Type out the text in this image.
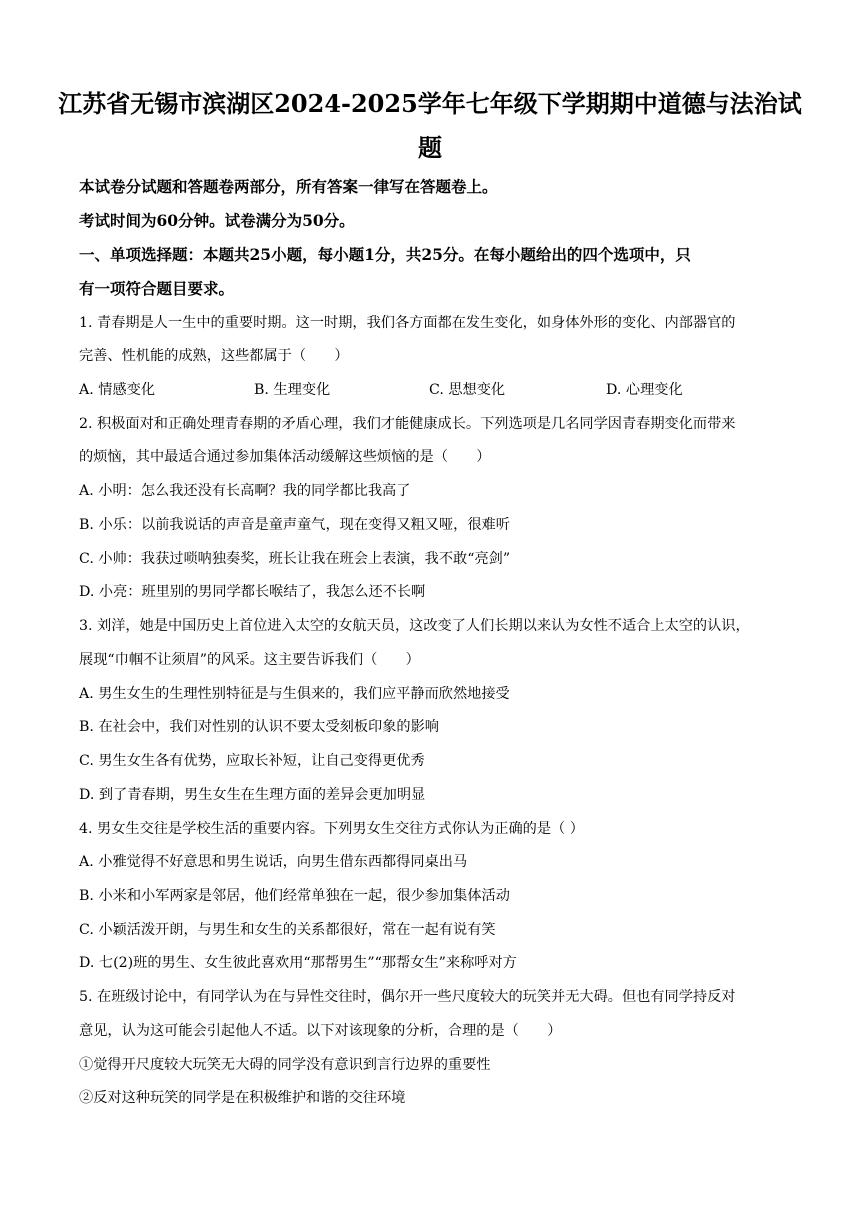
江苏省无锡市滨湖区2024-2025学年七年级下学期期中道德与法治试
题
本试卷分试题和答题卷两部分，所有答案一律写在答题卷上。
考试时间为60分钟。试卷满分为50分。
一、单项选择题：本题共25小题，每小题1分，共25分。在每小题给出的四个选项中，只
有一项符合题目要求。
1. 青春期是人一生中的重要时期。这一时期，我们各方面都在发生变化，如身体外形的变化、内部器官的
完善、性机能的成熟，这些都属于（　　）
A. 情感变化	B. 生理变化	C. 思想变化	D. 心理变化
2. 积极面对和正确处理青春期的矛盾心理，我们才能健康成长。下列选项是几名同学因青春期变化而带来
的烦恼，其中最适合通过参加集体活动缓解这些烦恼的是（　　）
A. 小明：怎么我还没有长高啊？我的同学都比我高了
B. 小乐：以前我说话的声音是童声童气，现在变得又粗又哑，很难听
C. 小帅：我获过唢呐独奏奖，班长让我在班会上表演，我不敢“亮剑”
D. 小亮：班里别的男同学都长喉结了，我怎么还不长啊
3. 刘洋，她是中国历史上首位进入太空的女航天员，这改变了人们长期以来认为女性不适合上太空的认识，
展现“巾帼不让须眉”的风采。这主要告诉我们（　　）
A. 男生女生的生理性别特征是与生俱来的，我们应平静而欣然地接受
B. 在社会中，我们对性别的认识不要太受刻板印象的影响
C. 男生女生各有优势，应取长补短，让自己变得更优秀
D. 到了青春期，男生女生在生理方面的差异会更加明显
4. 男女生交往是学校生活的重要内容。下列男女生交往方式你认为正确的是（ ）
A. 小雅觉得不好意思和男生说话，向男生借东西都得同桌出马
B. 小米和小军两家是邻居，他们经常单独在一起，很少参加集体活动
C. 小颖活泼开朗，与男生和女生的关系都很好，常在一起有说有笑
D. 七(2)班的男生、女生彼此喜欢用“那帮男生”“那帮女生”来称呼对方
5. 在班级讨论中，有同学认为在与异性交往时，偶尔开一些尺度较大的玩笑并无大碍。但也有同学持反对
意见，认为这可能会引起他人不适。以下对该现象的分析，合理的是（　　）
①觉得开尺度较大玩笑无大碍的同学没有意识到言行边界的重要性
②反对这种玩笑的同学是在积极维护和谐的交往环境
